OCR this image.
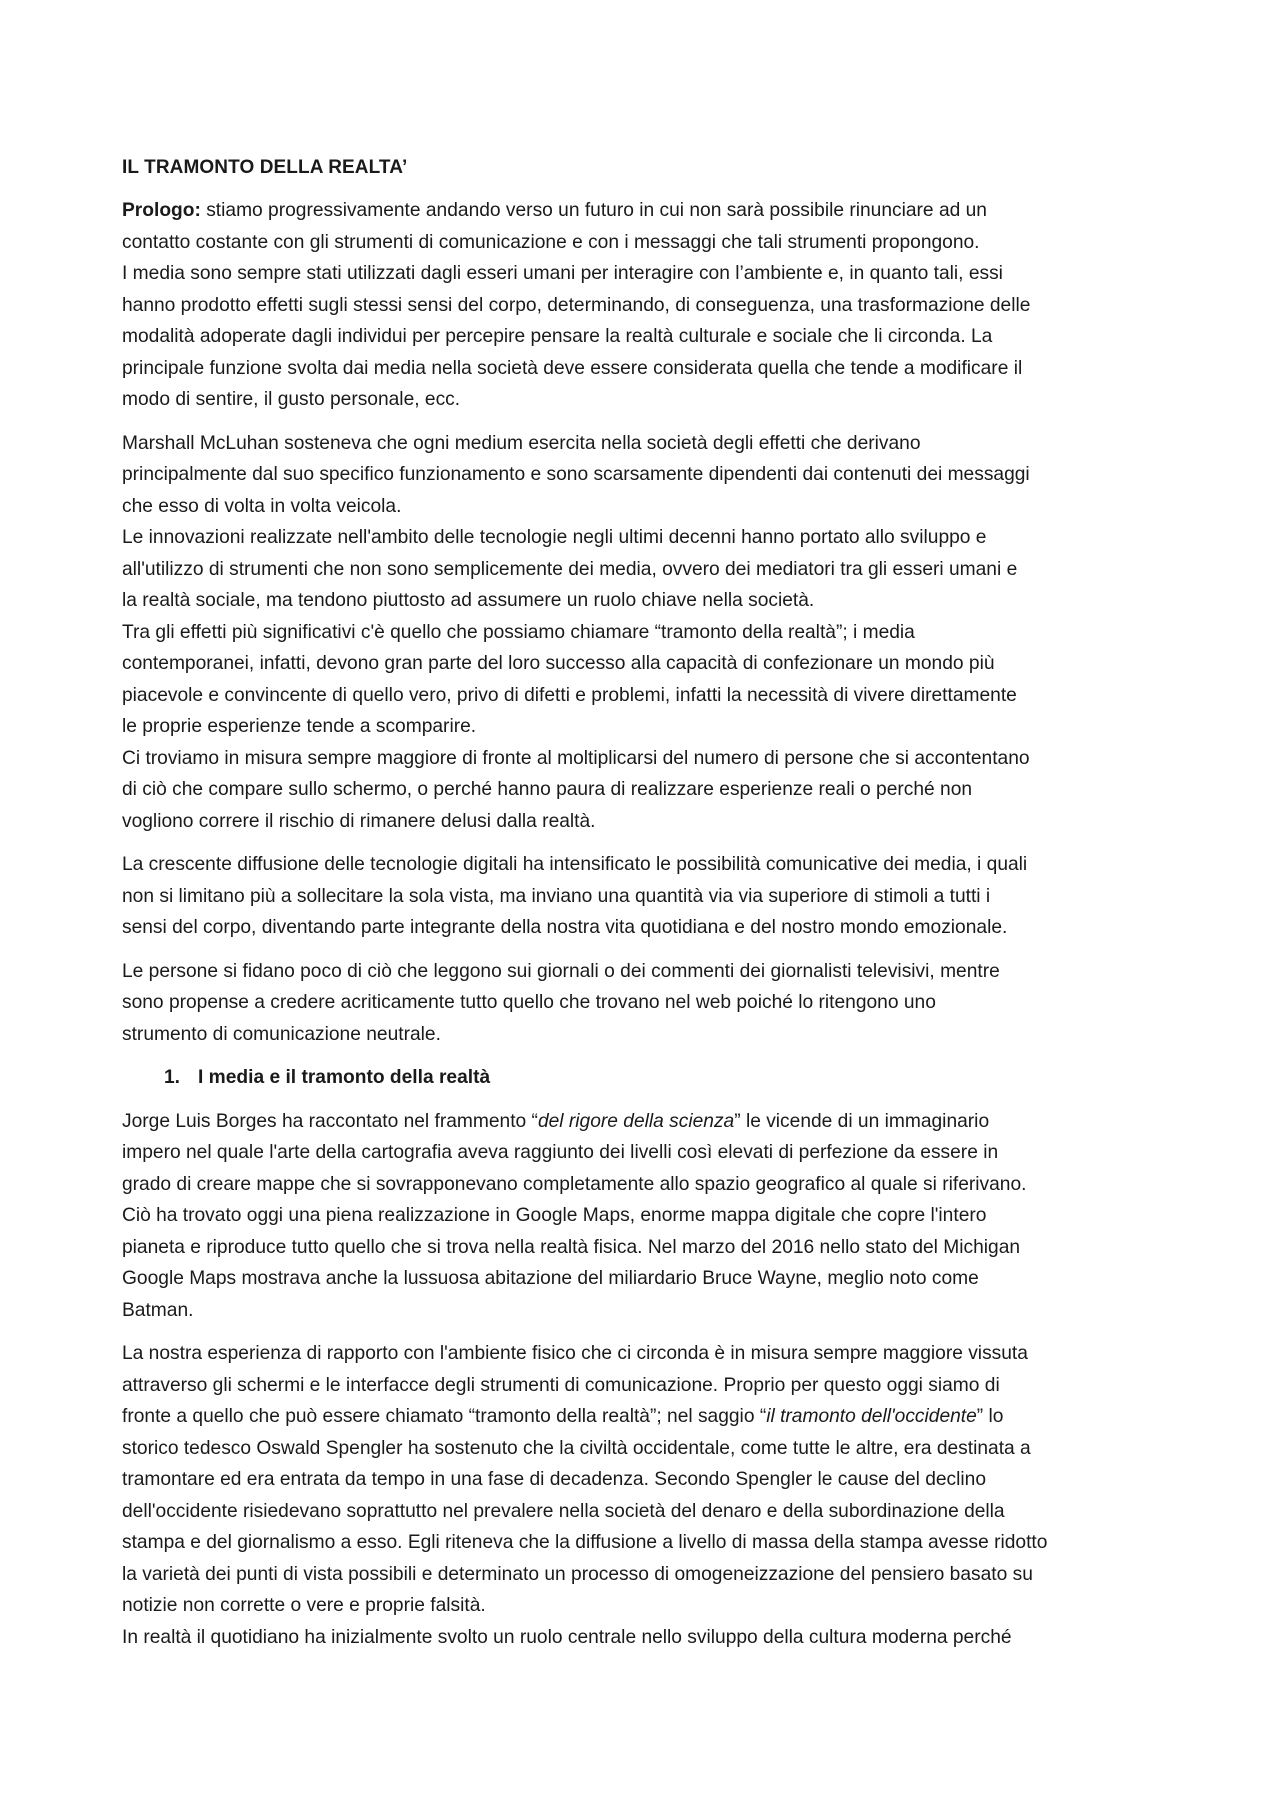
IL TRAMONTO DELLA REALTA’
Prologo: stiamo progressivamente andando verso un futuro in cui non sarà possibile rinunciare ad un
contatto costante con gli strumenti di comunicazione e con i messaggi che tali strumenti propongono.
I media sono sempre stati utilizzati dagli esseri umani per interagire con l’ambiente e, in quanto tali, essi
hanno prodotto effetti sugli stessi sensi del corpo, determinando, di conseguenza, una trasformazione delle
modalità adoperate dagli individui per percepire pensare la realtà culturale e sociale che li circonda. La
principale funzione svolta dai media nella società deve essere considerata quella che tende a modificare il
modo di sentire, il gusto personale, ecc.
Marshall McLuhan sosteneva che ogni medium esercita nella società degli effetti che derivano
principalmente dal suo specifico funzionamento e sono scarsamente dipendenti dai contenuti dei messaggi
che esso di volta in volta veicola.
Le innovazioni realizzate nell'ambito delle tecnologie negli ultimi decenni hanno portato allo sviluppo e
all'utilizzo di strumenti che non sono semplicemente dei media, ovvero dei mediatori tra gli esseri umani e
la realtà sociale, ma tendono piuttosto ad assumere un ruolo chiave nella società.
Tra gli effetti più significativi c'è quello che possiamo chiamare “tramonto della realtà”; i media
contemporanei, infatti, devono gran parte del loro successo alla capacità di confezionare un mondo più
piacevole e convincente di quello vero, privo di difetti e problemi, infatti la necessità di vivere direttamente
le proprie esperienze tende a scomparire.
Ci troviamo in misura sempre maggiore di fronte al moltiplicarsi del numero di persone che si accontentano
di ciò che compare sullo schermo, o perché hanno paura di realizzare esperienze reali o perché non
vogliono correre il rischio di rimanere delusi dalla realtà.
La crescente diffusione delle tecnologie digitali ha intensificato le possibilità comunicative dei media, i quali
non si limitano più a sollecitare la sola vista, ma inviano una quantità via via superiore di stimoli a tutti i
sensi del corpo, diventando parte integrante della nostra vita quotidiana e del nostro mondo emozionale.
Le persone si fidano poco di ciò che leggono sui giornali o dei commenti dei giornalisti televisivi, mentre
sono propense a credere acriticamente tutto quello che trovano nel web poiché lo ritengono uno
strumento di comunicazione neutrale.
1. I media e il tramonto della realtà
Jorge Luis Borges ha raccontato nel frammento “del rigore della scienza” le vicende di un immaginario
impero nel quale l'arte della cartografia aveva raggiunto dei livelli così elevati di perfezione da essere in
grado di creare mappe che si sovrapponevano completamente allo spazio geografico al quale si riferivano.
Ciò ha trovato oggi una piena realizzazione in Google Maps, enorme mappa digitale che copre l'intero
pianeta e riproduce tutto quello che si trova nella realtà fisica. Nel marzo del 2016 nello stato del Michigan
Google Maps mostrava anche la lussuosa abitazione del miliardario Bruce Wayne, meglio noto come
Batman.
La nostra esperienza di rapporto con l'ambiente fisico che ci circonda è in misura sempre maggiore vissuta
attraverso gli schermi e le interfacce degli strumenti di comunicazione. Proprio per questo oggi siamo di
fronte a quello che può essere chiamato “tramonto della realtà”; nel saggio “il tramonto dell'occidente” lo
storico tedesco Oswald Spengler ha sostenuto che la civiltà occidentale, come tutte le altre, era destinata a
tramontare ed era entrata da tempo in una fase di decadenza. Secondo Spengler le cause del declino
dell'occidente risiedevano soprattutto nel prevalere nella società del denaro e della subordinazione della
stampa e del giornalismo a esso. Egli riteneva che la diffusione a livello di massa della stampa avesse ridotto
la varietà dei punti di vista possibili e determinato un processo di omogeneizzazione del pensiero basato su
notizie non corrette o vere e proprie falsità.
In realtà il quotidiano ha inizialmente svolto un ruolo centrale nello sviluppo della cultura moderna perché
